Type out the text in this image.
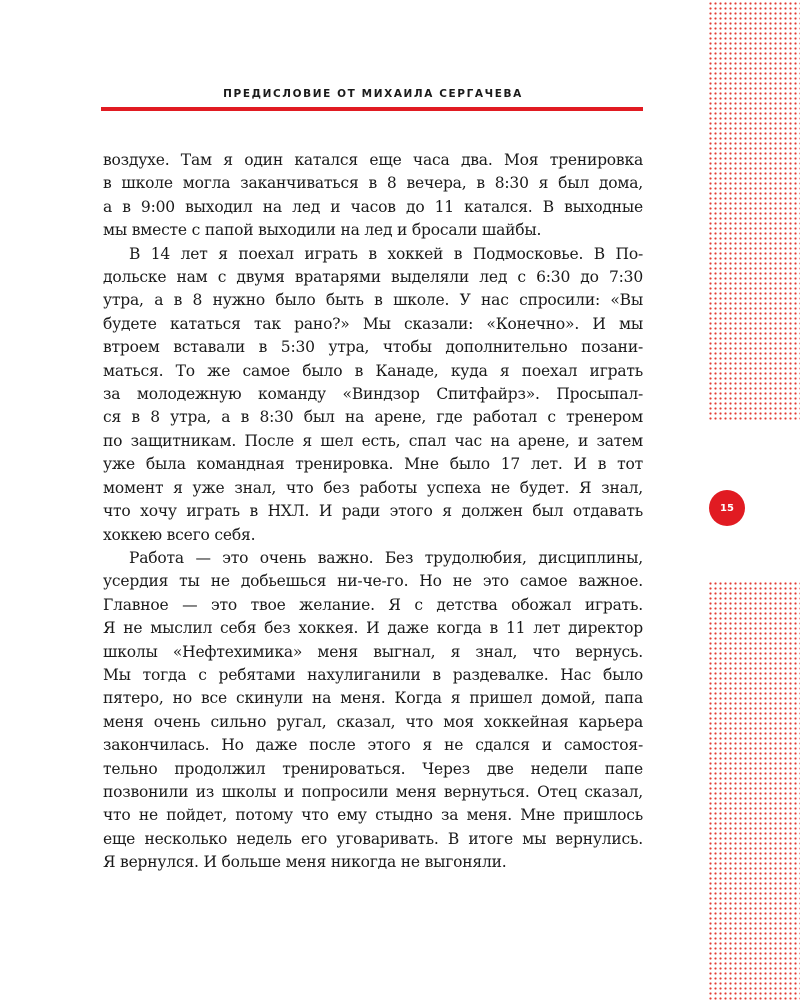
ПРЕДИСЛОВИЕ ОТ МИХАИЛА СЕРГАЧЕВА
15
воздухе. Там я один катался еще часа два. Моя тренировка
в школе могла заканчиваться в 8 вечера, в 8:30 я был дома,
а в 9:00 выходил на лед и часов до 11 катался. В выходные
мы вместе с папой выходили на лед и бросали шайбы.
В 14 лет я поехал играть в хоккей в Подмосковье. В По-
дольске нам с двумя вратарями выделяли лед с 6:30 до 7:30
утра, а в 8 нужно было быть в школе. У нас спросили: «Вы
будете кататься так рано?» Мы сказали: «Конечно». И мы
втроем вставали в 5:30 утра, чтобы дополнительно позани-
маться. То же самое было в Канаде, куда я поехал играть
за молодежную команду «Виндзор Спитфайрз». Просыпал-
ся в 8 утра, а в 8:30 был на арене, где работал с тренером
по защитникам. После я шел есть, спал час на арене, и затем
уже была командная тренировка. Мне было 17 лет. И в тот
момент я уже знал, что без работы успеха не будет. Я знал,
что хочу играть в НХЛ. И ради этого я должен был отдавать
хоккею всего себя.
Работа — это очень важно. Без трудолюбия, дисциплины,
усердия ты не добьешься ни-че-го. Но не это самое важное.
Главное — это твое желание. Я с детства обожал играть.
Я не мыслил себя без хоккея. И даже когда в 11 лет директор
школы «Нефтехимика» меня выгнал, я знал, что вернусь.
Мы тогда с ребятами нахулиганили в раздевалке. Нас было
пятеро, но все скинули на меня. Когда я пришел домой, папа
меня очень сильно ругал, сказал, что моя хоккейная карьера
закончилась. Но даже после этого я не сдался и самостоя-
тельно продолжил тренироваться. Через две недели папе
позвонили из школы и попросили меня вернуться. Отец сказал,
что не пойдет, потому что ему стыдно за меня. Мне пришлось
еще несколько недель его уговаривать. В итоге мы вернулись.
Я вернулся. И больше меня никогда не выгоняли.
